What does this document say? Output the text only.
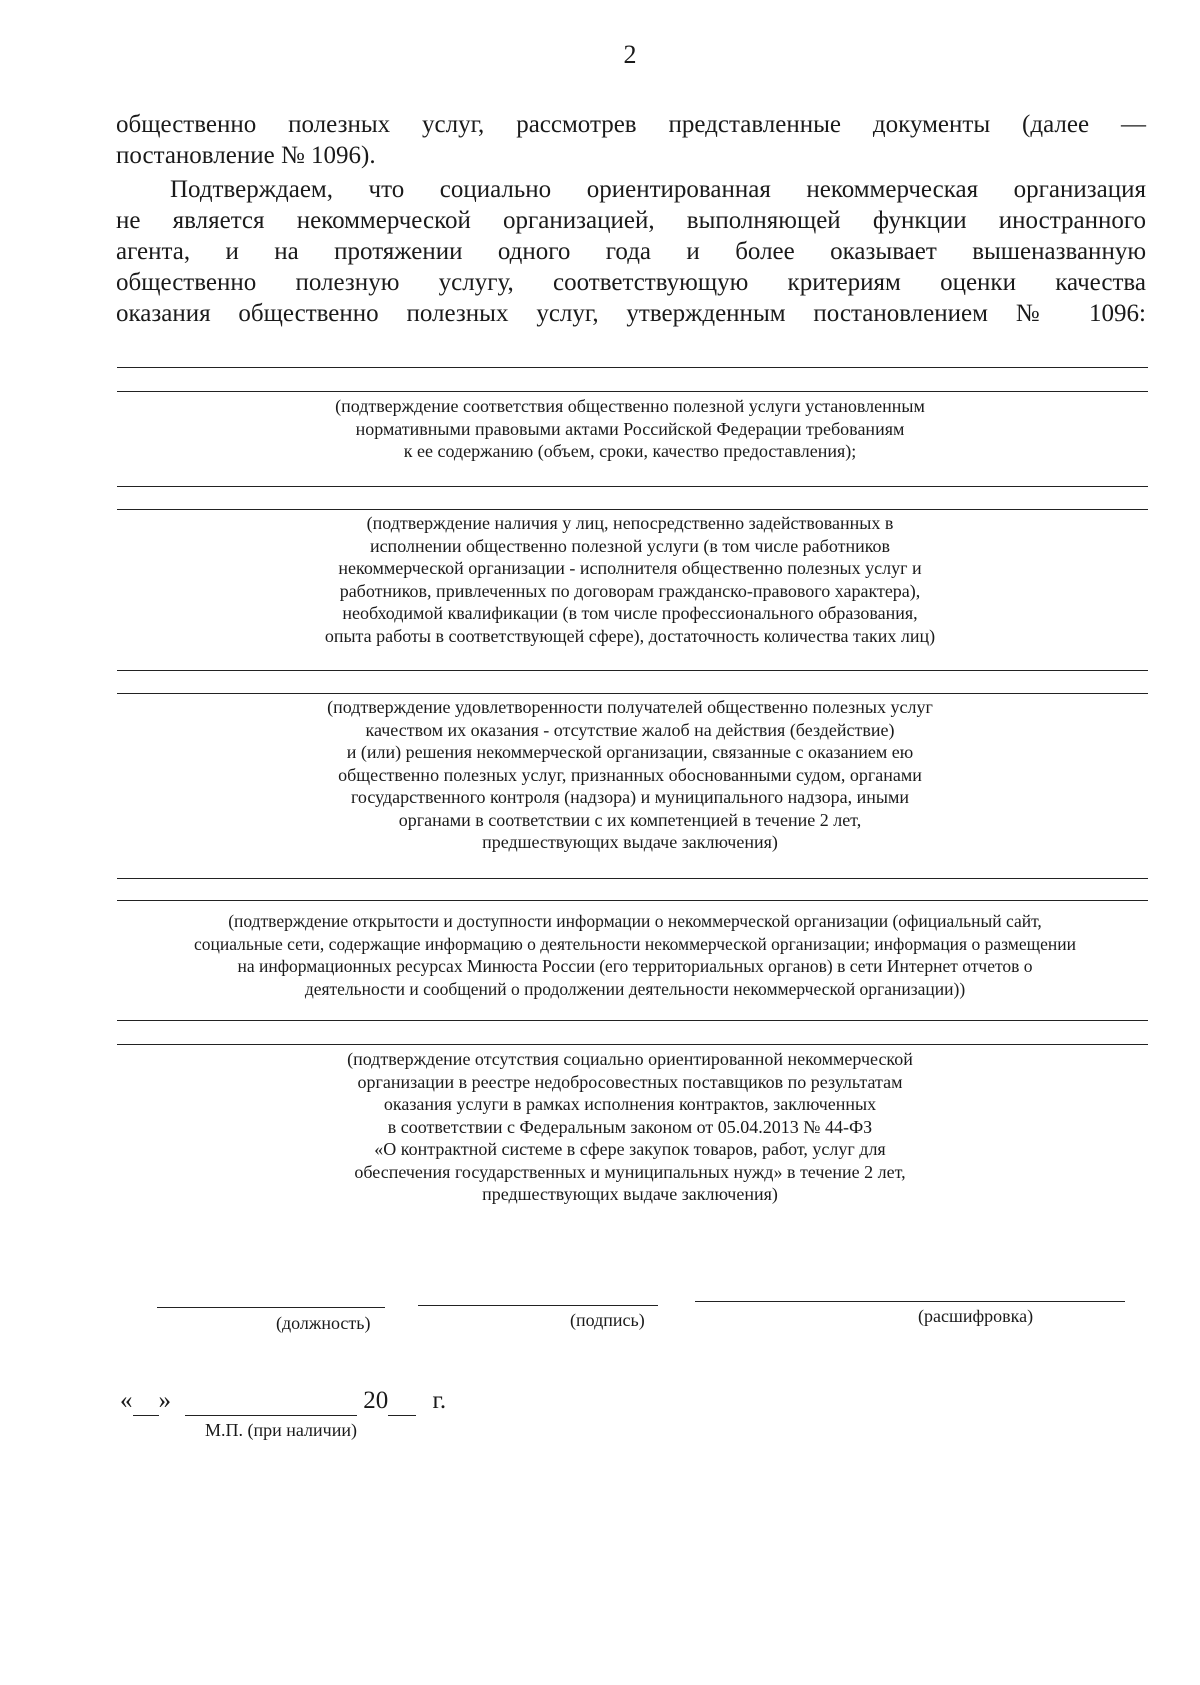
2

общественно полезных услуг, рассмотрев представленные документы (далее —

постановление № 1096).

Подтверждаем, что социально ориентированная некоммерческая организация

не является некоммерческой организацией, выполняющей функции иностранного

агента, и на протяжении одного года и более оказывает вышеназванную

общественно полезную услугу, соответствующую критериям оценки качества

оказания общественно полезных услуг, утвержденным постановлением № 1096:

(подтверждение соответствия общественно полезной услуги установленным
нормативными правовыми актами Российской Федерации требованиям
к ее содержанию (объем, сроки, качество предоставления);
(подтверждение наличия у лиц, непосредственно задействованных в
исполнении общественно полезной услуги (в том числе работников
некоммерческой организации - исполнителя общественно полезных услуг и
работников, привлеченных по договорам гражданско-правового характера),
необходимой квалификации (в том числе профессионального образования,
опыта работы в соответствующей сфере), достаточность количества таких лиц)
(подтверждение удовлетворенности получателей общественно полезных услуг
качеством их оказания - отсутствие жалоб на действия (бездействие)
и (или) решения некоммерческой организации, связанные с оказанием ею
общественно полезных услуг, признанных обоснованными судом, органами
государственного контроля (надзора) и муниципального надзора, иными
органами в соответствии с их компетенцией в течение 2 лет,
предшествующих выдаче заключения)
(подтверждение открытости и доступности информации о некоммерческой организации (официальный сайт,
социальные сети, содержащие информацию о деятельности некоммерческой организации; информация о размещении
на информационных ресурсах Минюста России (его территориальных органов) в сети Интернет отчетов о
деятельности и сообщений о продолжении деятельности некоммерческой организации))
(подтверждение отсутствия социально ориентированной некоммерческой
организации в реестре недобросовестных поставщиков по результатам
оказания услуги в рамках исполнения контрактов, заключенных
в соответствии с Федеральным законом от 05.04.2013 № 44-ФЗ
«О контрактной системе в сфере закупок товаров, работ, услуг для
обеспечения государственных и муниципальных нужд» в течение 2 лет,
предшествующих выдаче заключения)
(должность)	(подпись)	(расшифровка)
« »	20 г.
М.П. (при наличии)
